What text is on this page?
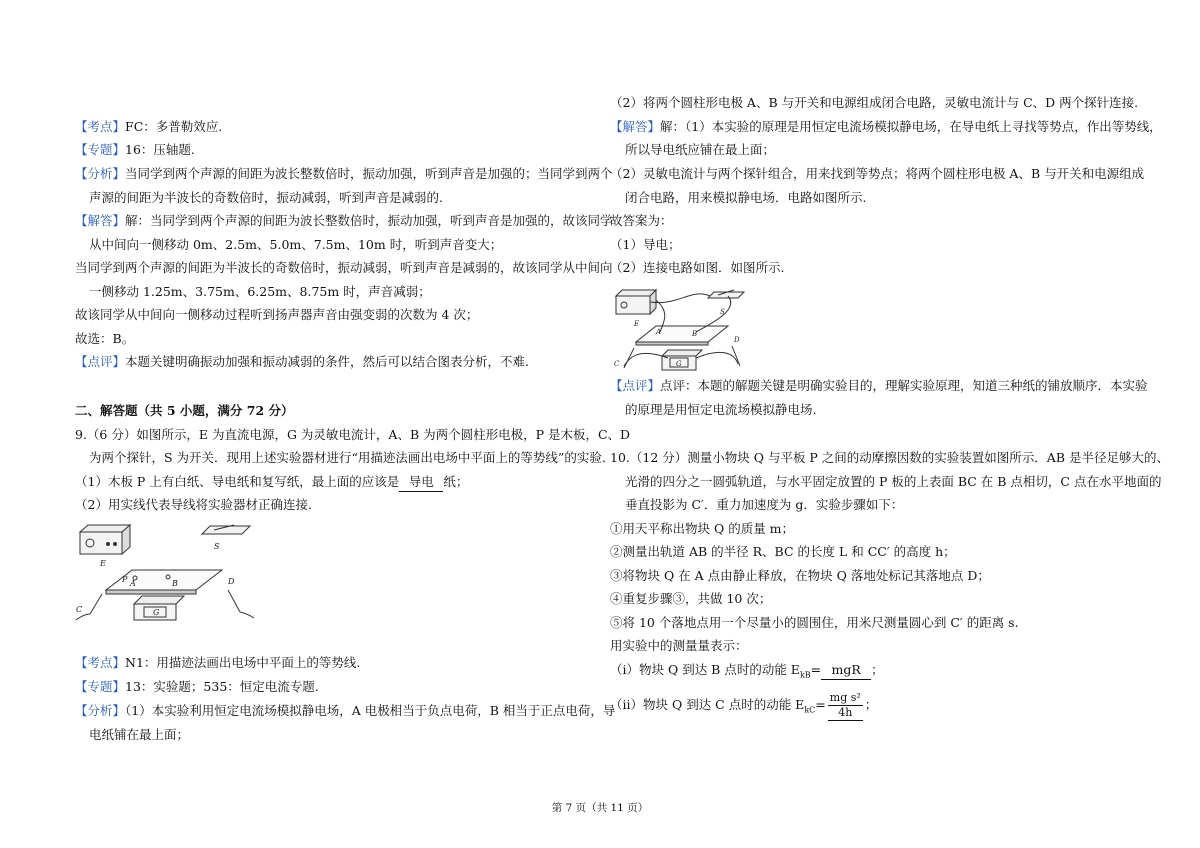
【考点】FC：多普勒效应.
【专题】16：压轴题.
【分析】当同学到两个声源的间距为波长整数倍时，振动加强，听到声音是加强的；当同学到两个
声源的间距为半波长的奇数倍时，振动减弱，听到声音是减弱的.
【解答】解：当同学到两个声源的间距为波长整数倍时，振动加强，听到声音是加强的，故该同学
从中间向一侧移动 0m、2.5m、5.0m、7.5m、10m 时，听到声音变大；
当同学到两个声源的间距为半波长的奇数倍时，振动减弱，听到声音是减弱的，故该同学从中间向
一侧移动 1.25m、3.75m、6.25m、8.75m 时，声音减弱；
故该同学从中间向一侧移动过程听到扬声器声音由强变弱的次数为 4 次；
故选：B。
【点评】本题关键明确振动加强和振动减弱的条件，然后可以结合图表分析，不难.
二、解答题（共 5 小题，满分 72 分）
9.（6 分）如图所示，E 为直流电源，G 为灵敏电流计，A、B 为两个圆柱形电极，P 是木板，C、D
为两个探针，S 为开关．现用上述实验器材进行“用描迹法画出电场中平面上的等势线”的实验．
（1）木板 P 上有白纸、导电纸和复写纸，最上面的应该是 导电 纸；
（2）用实线代表导线将实验器材正确连接.
E
S
P A	B
G
C
D
【考点】N1：用描迹法画出电场中平面上的等势线.
【专题】13：实验题；535：恒定电流专题.
【分析】（1）本实验利用恒定电流场模拟静电场，A 电极相当于负点电荷，B 相当于正点电荷，导
电纸铺在最上面；
（2）将两个圆柱形电极 A、B 与开关和电源组成闭合电路，灵敏电流计与 C、D 两个探针连接.
【解答】解：（1）本实验的原理是用恒定电流场模拟静电场，在导电纸上寻找等势点，作出等势线，
所以导电纸应铺在最上面；
（2）灵敏电流计与两个探针组合，用来找到等势点；将两个圆柱形电极 A、B 与开关和电源组成
闭合电路，用来模拟静电场．电路如图所示.
故答案为：
（1）导电；
（2）连接电路如图．如图所示.
E
S
A	B
C
D
G
【点评】点评：本题的解题关键是明确实验目的，理解实验原理，知道三种纸的铺放顺序．本实验
的原理是用恒定电流场模拟静电场.
10.（12 分）测量小物块 Q 与平板 P 之间的动摩擦因数的实验装置如图所示．AB 是半径足够大的、
光滑的四分之一圆弧轨道，与水平固定放置的 P 板的上表面 BC 在 B 点相切，C 点在水平地面的
垂直投影为 C′．重力加速度为 g．实验步骤如下：
①用天平称出物块 Q 的质量 m；
②测量出轨道 AB 的半径 R、BC 的长度 L 和 CC′ 的高度 h；
③将物块 Q 在 A 点由静止释放，在物块 Q 落地处标记其落地点 D；
④重复步骤③，共做 10 次；
⑤将 10 个落地点用一个尽量小的圆围住，用米尺测量圆心到 C′ 的距离 s.
用实验中的测量量表示：
（ⅰ）物块 Q 到达 B 点时的动能 $E_{kB}=$ mgR ；
（ⅱ）物块 Q 到达 C 点时的动能 $E_{kC}= \frac{\text{mg s²}}{4h}$ ；
第 7 页（共 11 页）
